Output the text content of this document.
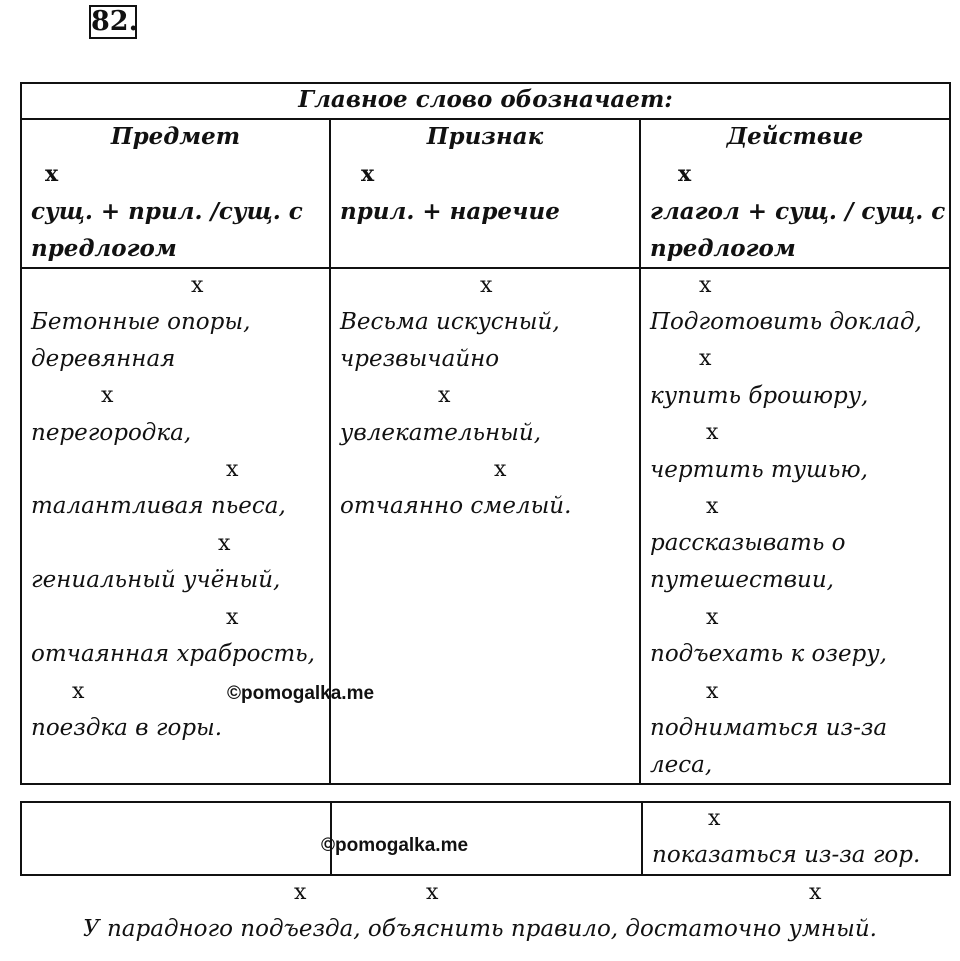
82.
Главное слово обозначает:
Предмет
x
сущ. + прил. /сущ. с
предлогом
Признак
x
прил. + наречие
Действие
x
глагол + сущ. / сущ. с
предлогом
x
Бетонные опоры,
деревянная
x
перегородка,
x
талантливая пьеса,
x
гениальный учёный,
x
отчаянная храбрость,
x
поездка в горы.
©pomogalka.me
x
Весьма искусный,
чрезвычайно
x
увлекательный,
x
отчаянно смелый.
x
Подготовить доклад,
x
купить брошюру,
x
чертить тушью,
x
рассказывать о
путешествии,
x
подъехать к озеру,
x
подниматься из-за
леса,
©pomogalka.me
x
показаться из-за гор.
x	x	x
У парадного подъезда, объяснить правило, достаточно умный.
